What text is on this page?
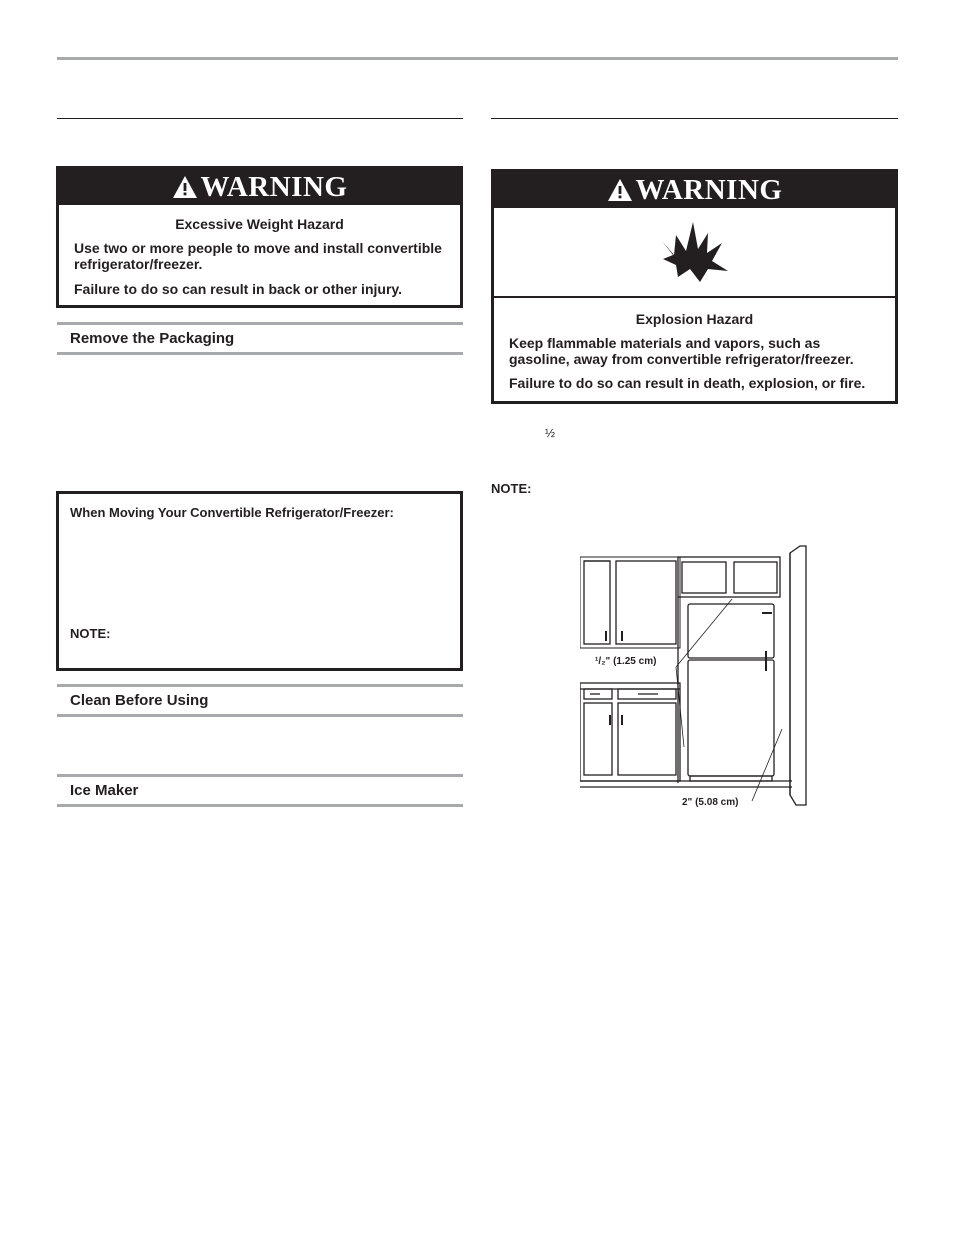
WARNING
Excessive Weight Hazard
Use two or more people to move and install convertible refrigerator/freezer.
Failure to do so can result in back or other injury.
Remove the Packaging
When Moving Your Convertible Refrigerator/Freezer:
NOTE:
Clean Before Using
Ice Maker
WARNING
Explosion Hazard
Keep flammable materials and vapors, such as gasoline, away from convertible refrigerator/freezer.
Failure to do so can result in death, explosion, or fire.
½
NOTE:
¹/₂" (1.25 cm)
2" (5.08 cm)
